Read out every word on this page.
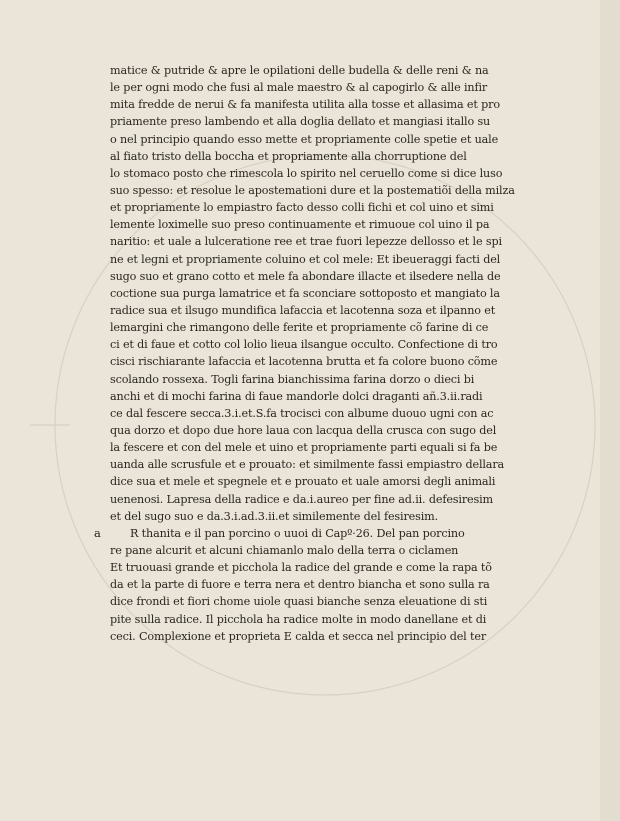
matice & putride & apre le opilationi delle budella & delle reni & na
le per ogni modo che fusi al male maestro & al capogirlo & alle infir
mita fredde de nerui & fa manifesta utilita alla tosse et allasima et pro
priamente preso lambendo et alla doglia dellato et mangiasi itallo su
o nel principio quando esso mette et propriamente colle spetie et uale
al fiato tristo della boccha et propriamente alla chorruptione del
lo stomaco posto che rimescola lo spirito nel ceruello come si dice luso
suo spesso: et resolue le apostemationi dure et la postematiõi della milza
et propriamente lo empiastro facto desso colli fichi et col uino et simi
lemente loximelle suo preso continuamente et rimuoue col uino il pa
naritio: et uale a lulceratione ree et trae fuori lepezze dellosso et le spi
ne et legni et propriamente coluino et col mele: Et ibeueraggi facti del
sugo suo et grano cotto et mele fa abondare illacte et ilsedere nella de
coctione sua purga lamatrice et fa sconciare sottoposto et mangiato la
radice sua et ilsugo mundifica lafaccia et lacotenna soza et ilpanno et
lemargini che rimangono delle ferite et propriamente cõ farine di ce
ci et di faue et cotto col lolio lieua ilsangue occulto. Confectione di tro
cisci rischiarante lafaccia et lacotenna brutta et fa colore buono cõme
scolando rossexa. Togli farina bianchissima farina dorzo o dieci bi
anchi et di mochi farina di faue mandorle dolci draganti añ.3.ii.radi
ce dal fescere secca.3.i.et.S.fa trocisci con albume duouo ugni con ac
qua dorzo et dopo due hore laua con lacqua della crusca con sugo del
la fescere et con del mele et uino et propriamente parti equali si fa be
uanda alle scrusfule et e prouato: et similmente fassi empiastro dellara
dice sua et mele et spegnele et e prouato et uale amorsi degli animali
uenenosi. Lapresa della radice e da.i.aureo per fine ad.ii. defesiresim
et del sugo suo e da.3.i.ad.3.ii.et similemente del fesiresim.
a	R thanita e il pan porcino o uuoi di Capº·26. Del pan porcino
re pane alcurit et alcuni chiamanlo malo della terra o ciclamen
Et truouasi grande et picchola la radice del grande e come la rapa tõ
da et la parte di fuore e terra nera et dentro biancha et sono sulla ra
dice frondi et fiori chome uiole quasi bianche senza eleuatione di sti
pite sulla radice. Il picchola ha radice molte in modo danellane et di
ceci. Complexione et proprieta E calda et secca nel principio del ter
